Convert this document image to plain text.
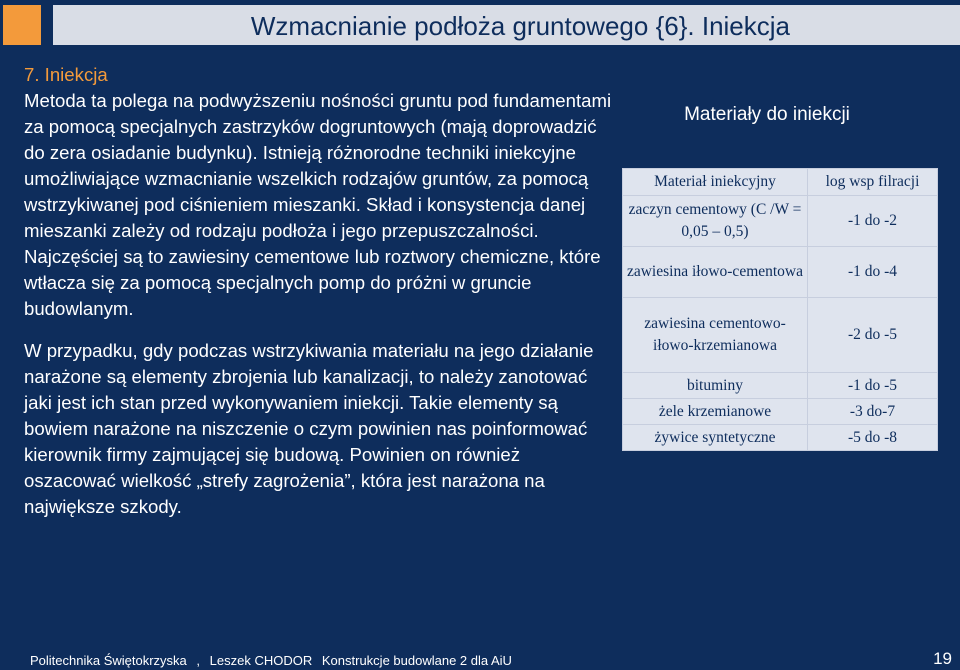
Wzmacnianie podłoża gruntowego {6}. Iniekcja

7. Iniekcja

Metoda ta polega na podwyższeniu nośności gruntu pod fundamentami za pomocą specjalnych zastrzyków dogruntowych (mają doprowadzić do zera osiadanie budynku). Istnieją różnorodne techniki iniekcyjne umożliwiające wzmacnianie wszelkich rodzajów gruntów, za pomocą wstrzykiwanej pod ciśnieniem mieszanki. Skład i konsystencja danej mieszanki zależy od rodzaju podłoża i jego przepuszczalności. Najczęściej są to zawiesiny cementowe lub roztwory chemiczne, które wtłacza się za pomocą specjalnych pomp do próżni w gruncie budowlanym.

W przypadku, gdy podczas wstrzykiwania materiału na jego działanie narażone są elementy zbrojenia lub kanalizacji, to należy zanotować jaki jest ich stan przed wykonywaniem iniekcji. Takie elementy są bowiem narażone na niszczenie o czym powinien nas poinformować kierownik firmy zajmującej się budową. Powinien on również oszacować wielkość „strefy zagrożenia”, która jest narażona na największe szkody.

Materiały do iniekcji
Materiał iniekcyjny	log wsp filracji
zaczyn cementowy (C /W = 0,05 – 0,5)	-1 do -2
zawiesina iłowo-cementowa	-1 do -4
zawiesina cementowo-iłowo-krzemianowa	-2 do -5
bituminy	-1 do -5
żele krzemianowe	-3 do-7
żywice syntetyczne	-5 do -8
Politechnika Świętokrzyska , Leszek CHODOR Konstrukcje budowlane 2 dla AiU	19
